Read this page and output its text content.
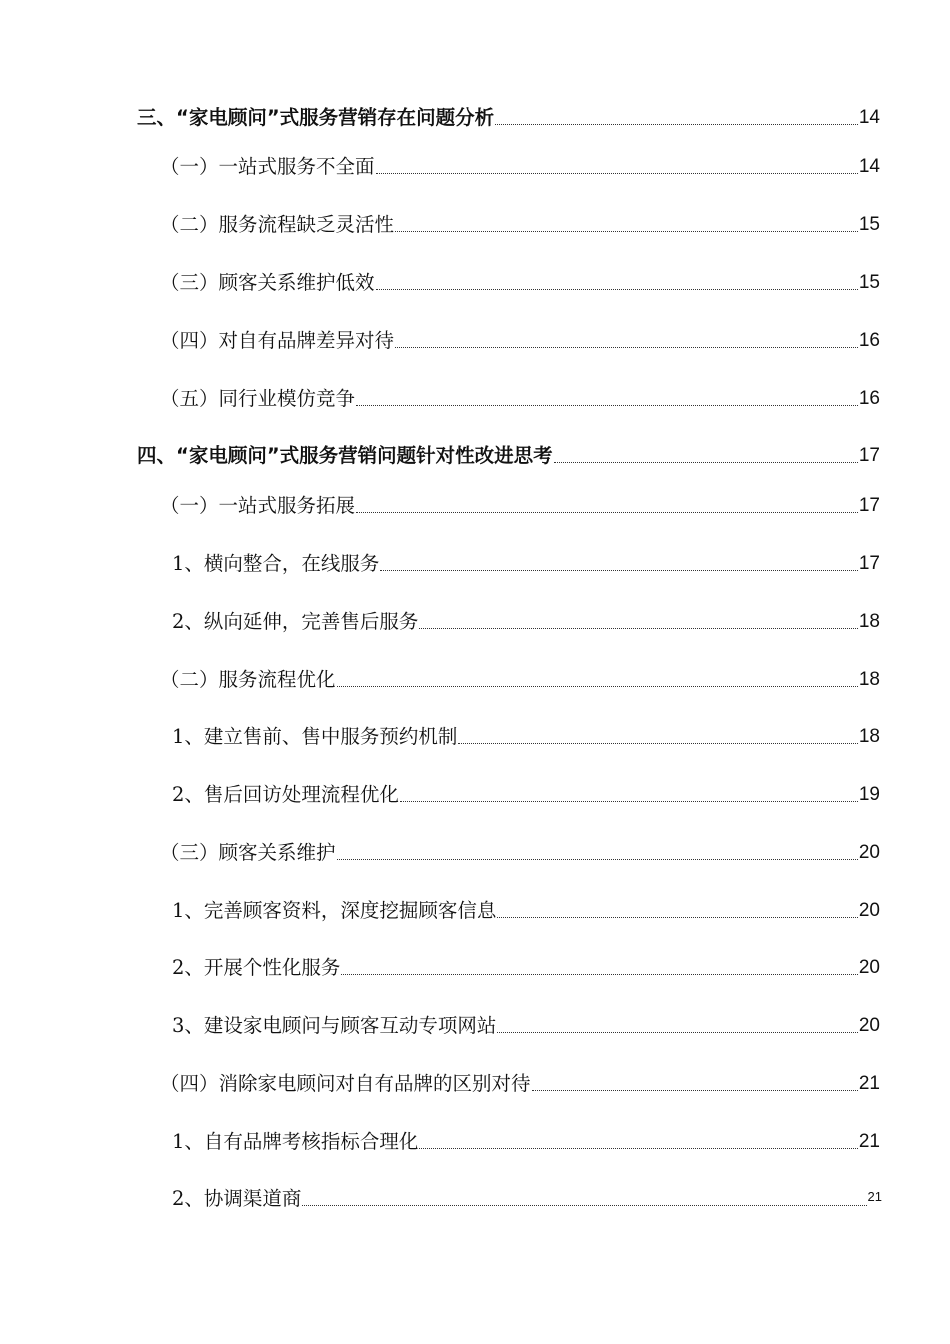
三、“家电顾问”式服务营销存在问题分析	14
（一）一站式服务不全面	14
（二）服务流程缺乏灵活性	15
（三）顾客关系维护低效	15
（四）对自有品牌差异对待	16
（五）同行业模仿竞争	16
四、“家电顾问”式服务营销问题针对性改进思考	17
（一）一站式服务拓展	17
1、横向整合，在线服务	17
2、纵向延伸，完善售后服务	18
（二）服务流程优化	18
1、建立售前、售中服务预约机制	18
2、售后回访处理流程优化	19
（三）顾客关系维护	20
1、完善顾客资料，深度挖掘顾客信息	20
2、开展个性化服务	20
3、建设家电顾问与顾客互动专项网站	20
（四）消除家电顾问对自有品牌的区别对待	21
1、自有品牌考核指标合理化	21
2、协调渠道商	21
